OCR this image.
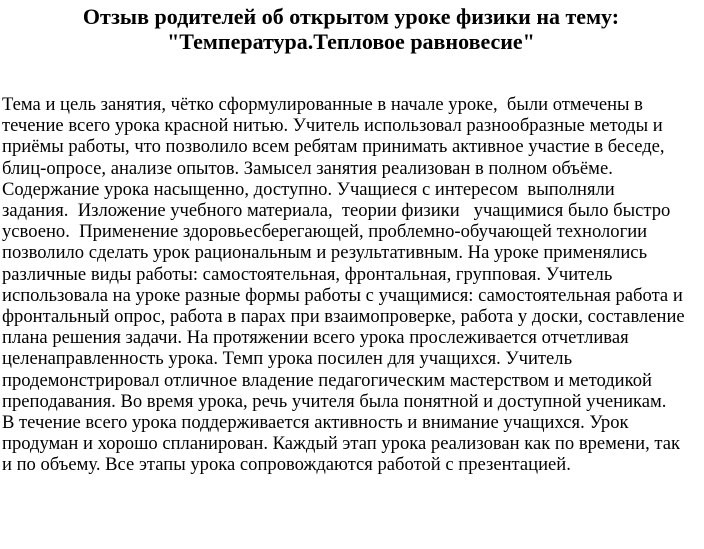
Отзыв родителей об открытом уроке физики на тему:
"Температура.Тепловое равновесие"
Тема и цель занятия, чётко сформулированные в начале уроке,  были отмечены в
течение всего урока красной нитью. Учитель использовал разнообразные методы и
приёмы работы, что позволило всем ребятам принимать активное участие в беседе,
блиц-опросе, анализе опытов. Замысел занятия реализован в полном объёме.
Содержание урока насыщенно, доступно. Учащиеся с интересом  выполняли
задания.  Изложение учебного материала,  теории физики   учащимися было быстро
усвоено.  Применение здоровьесберегающей, проблемно-обучающей технологии
позволило сделать урок рациональным и результативным. На уроке применялись
различные виды работы: самостоятельная, фронтальная, групповая. Учитель
использовала на уроке разные формы работы с учащимися: самостоятельная работа и
фронтальный опрос, работа в парах при взаимопроверке, работа у доски, составление
плана решения задачи. На протяжении всего урока прослеживается отчетливая
целенаправленность урока. Темп урока посилен для учащихся. Учитель
продемонстрировал отличное владение педагогическим мастерством и методикой
преподавания. Во время урока, речь учителя была понятной и доступной ученикам.
В течение всего урока поддерживается активность и внимание учащихся. Урок
продуман и хорошо спланирован. Каждый этап урока реализован как по времени, так
и по объему. Все этапы урока сопровождаются работой с презентацией.
